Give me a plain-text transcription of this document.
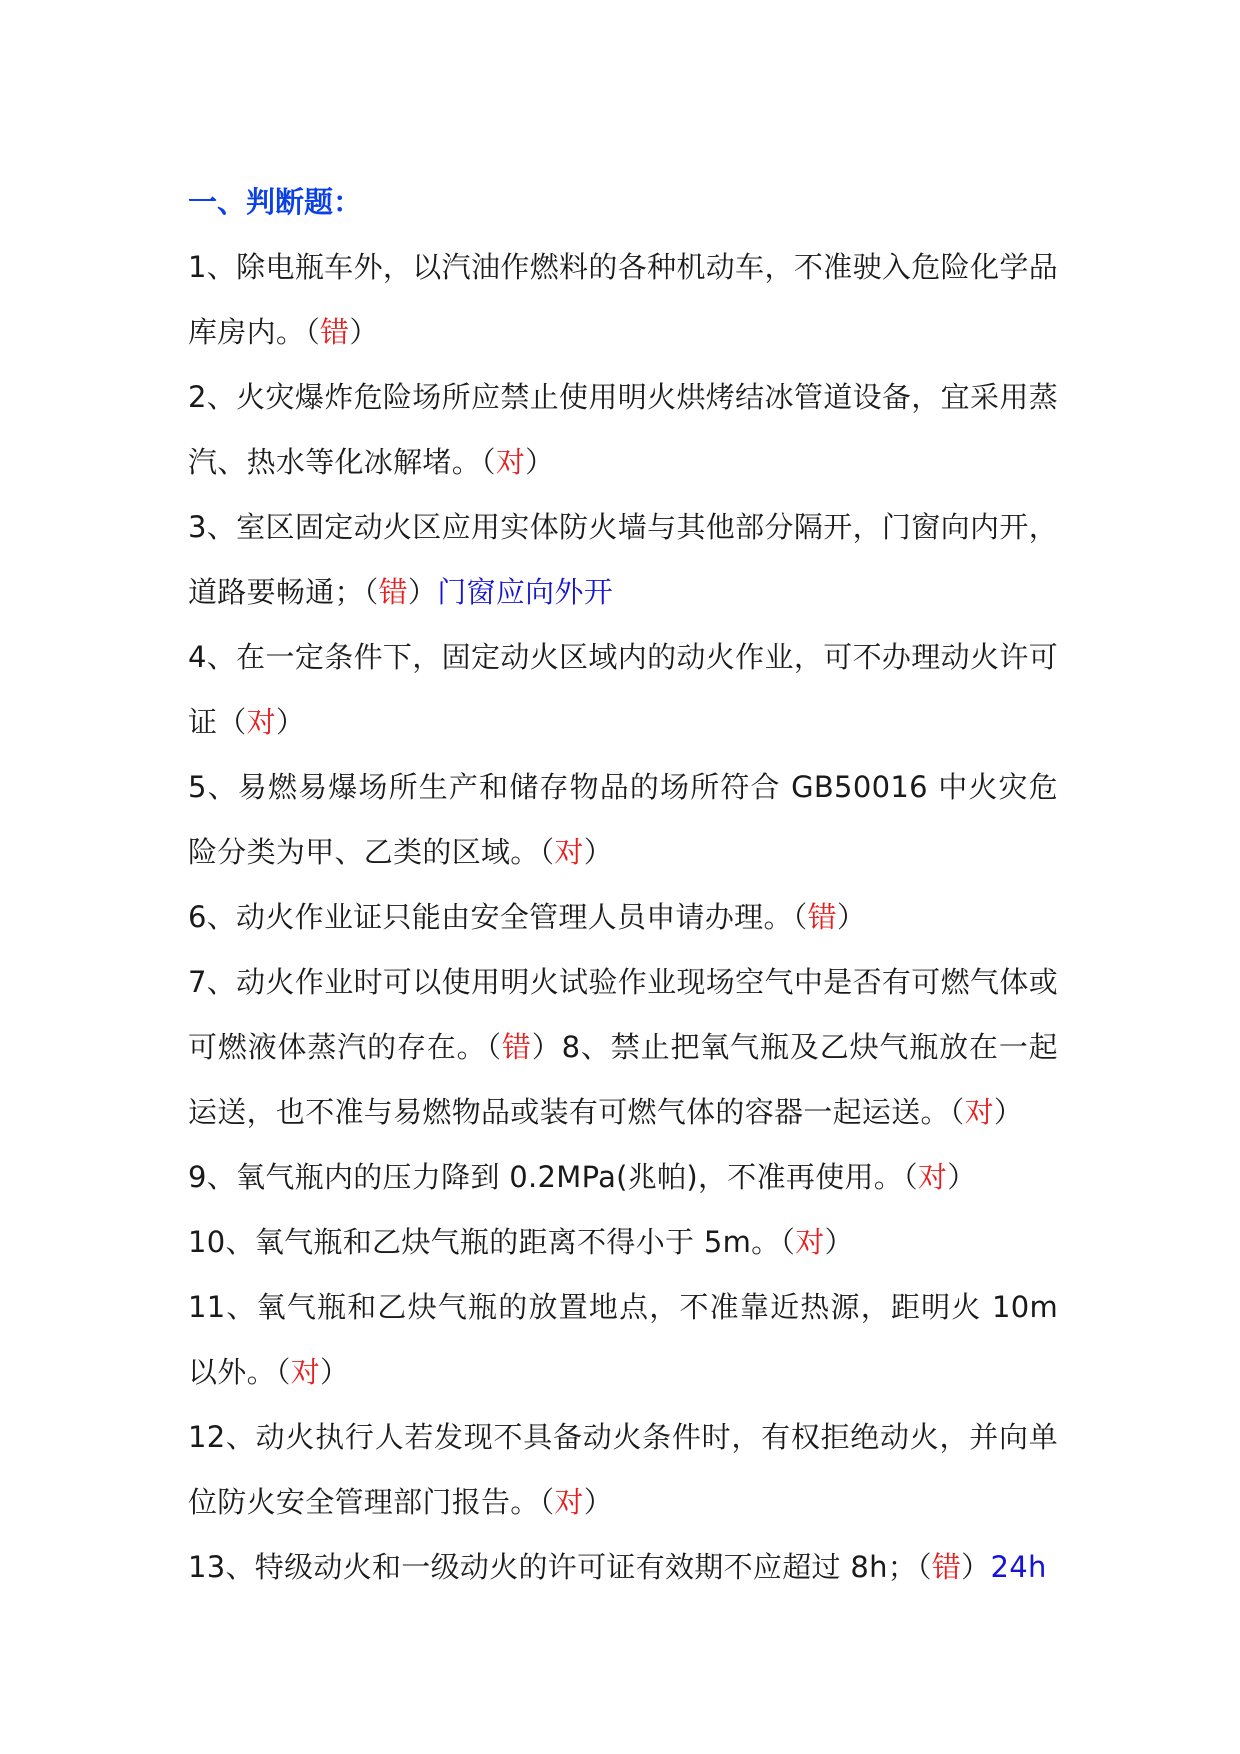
一、判断题：

1、除电瓶车外，以汽油作燃料的各种机动车，不准驶入危险化学品库房内。（错）

2、火灾爆炸危险场所应禁止使用明火烘烤结冰管道设备，宜采用蒸汽、热水等化冰解堵。（对）

3、室区固定动火区应用实体防火墙与其他部分隔开，门窗向内开，道路要畅通；（错）门窗应向外开

4、在一定条件下，固定动火区域内的动火作业，可不办理动火许可证（对）

5、易燃易爆场所生产和储存物品的场所符合 GB50016 中火灾危险分类为甲、乙类的区域。（对）

6、动火作业证只能由安全管理人员申请办理。（错）

7、动火作业时可以使用明火试验作业现场空气中是否有可燃气体或可燃液体蒸汽的存在。（错）8、禁止把氧气瓶及乙炔气瓶放在一起运送，也不准与易燃物品或装有可燃气体的容器一起运送。（对）

9、氧气瓶内的压力降到 0.2MPa(兆帕)，不准再使用。（对）

10、氧气瓶和乙炔气瓶的距离不得小于 5m。（对）

11、氧气瓶和乙炔气瓶的放置地点，不准靠近热源，距明火 10m 以外。（对）

12、动火执行人若发现不具备动火条件时，有权拒绝动火，并向单位防火安全管理部门报告。（对）

13、特级动火和一级动火的许可证有效期不应超过 8h；（错）24h
